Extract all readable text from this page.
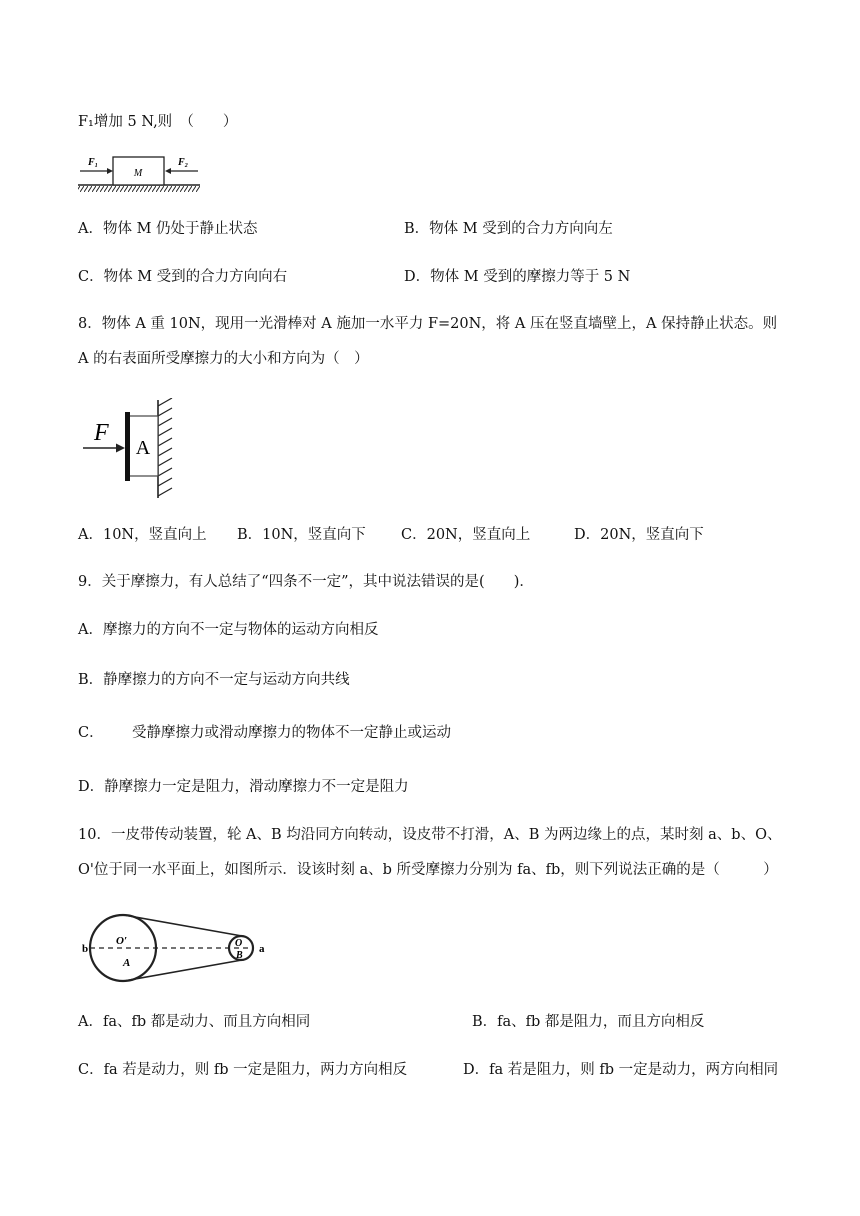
F₁增加 5 N,则　（　　）
M
F₁	F₂
A．物体 M 仍处于静止状态	B．物体 M 受到的合力方向向左
C．物体 M 受到的合力方向向右	D．物体 M 受到的摩擦力等于 5 N
8．物体 A 重 10N，现用一光滑棒对 A 施加一水平力 F=20N，将 A 压在竖直墙壁上，A 保持静止状态。则
A 的右表面所受摩擦力的大小和方向为（　）
A
F
A．10N，竖直向上 B．10N，竖直向下 C．20N，竖直向上	D．20N，竖直向下
9．关于摩擦力，有人总结了“四条不一定”，其中说法错误的是(　　)．
A．摩擦力的方向不一定与物体的运动方向相反
B．静摩擦力的方向不一定与运动方向共线
C． 受静摩擦力或滑动摩擦力的物体不一定静止或运动
D．静摩擦力一定是阻力，滑动摩擦力不一定是阻力
10．一皮带传动装置，轮 A、B 均沿同方向转动，设皮带不打滑，A、B 为两边缘上的点，某时刻 a、b、O、
O'位于同一水平面上，如图所示．设该时刻 a、b 所受摩擦力分别为 fa、fb，则下列说法正确的是（　　　）
b
O′
A
O
B
a
A．fa、fb 都是动力、而且方向相同	B．fa、fb 都是阻力，而且方向相反
C．fa 若是动力，则 fb 一定是阻力，两力方向相反	D．fa 若是阻力，则 fb 一定是动力，两方向相同
